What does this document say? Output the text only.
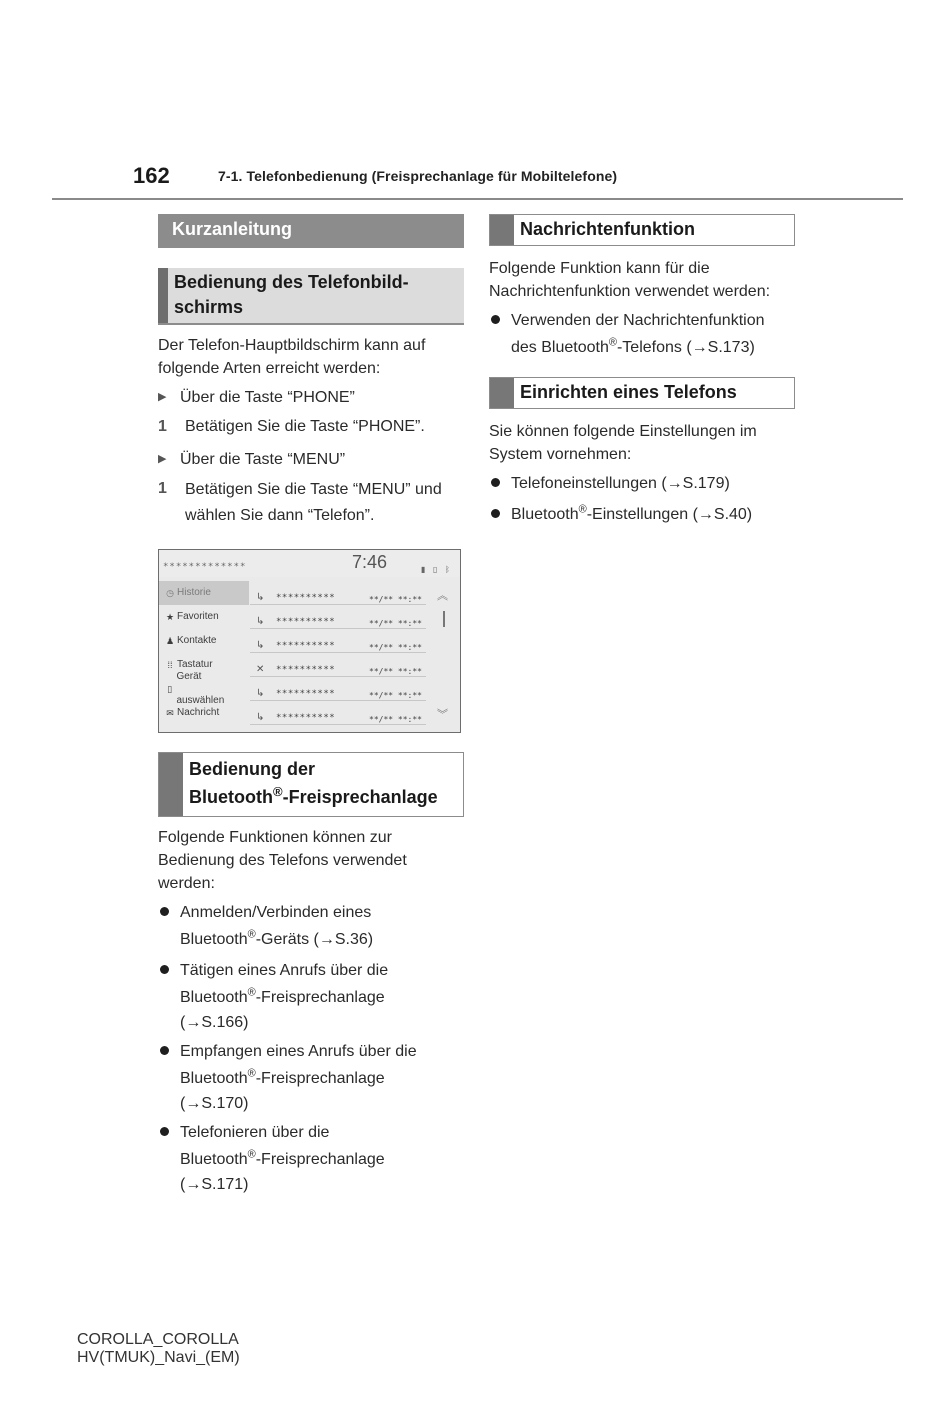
162	7-1. Telefonbedienung (Freisprechanlage für Mobiltelefone)
Kurzanleitung
Bedienung des Telefonbild-
schirms

Der Telefon-Hauptbildschirm kann auf folgende Arten erreicht werden:

▶ Über die Taste “PHONE”
1	Betätigen Sie die Taste “PHONE”.
▶ Über die Taste “MENU”
1	Betätigen Sie die Taste “MENU” und wählen Sie dann “Telefon”.
*************	7:46	▮ ▯ ᛒ
◷ Historie
★ Favoriten
♟ Kontakte
⁞⁞ Tastatur
▯
Gerät auswählen
✉ Nachricht
↳ **********	**/** **:**
↳ **********	**/** **:**
↳ **********	**/** **:**
✕ **********	**/** **:**
↳ **********	**/** **:**
↳ **********	**/** **:**
︽
︾
Bedienung der
Bluetooth®-Freisprechanlage

Folgende Funktionen können zur Bedienung des Telefons verwendet werden:

Anmelden/Verbinden eines
Bluetooth®-Geräts (→S.36)
Tätigen eines Anrufs über die
Bluetooth®-Freisprechanlage
(→S.166)
Empfangen eines Anrufs über die
Bluetooth®-Freisprechanlage
(→S.170)
Telefonieren über die
Bluetooth®-Freisprechanlage
(→S.171)
Nachrichtenfunktion

Folgende Funktion kann für die Nachrichtenfunktion verwendet werden:

Verwenden der Nachrichtenfunktion
des Bluetooth®-Telefons (→S.173)
Einrichten eines Telefons

Sie können folgende Einstellungen im System vornehmen:

Telefoneinstellungen (→S.179)
Bluetooth®-Einstellungen (→S.40)
COROLLA_COROLLA
HV(TMUK)_Navi_(EM)
